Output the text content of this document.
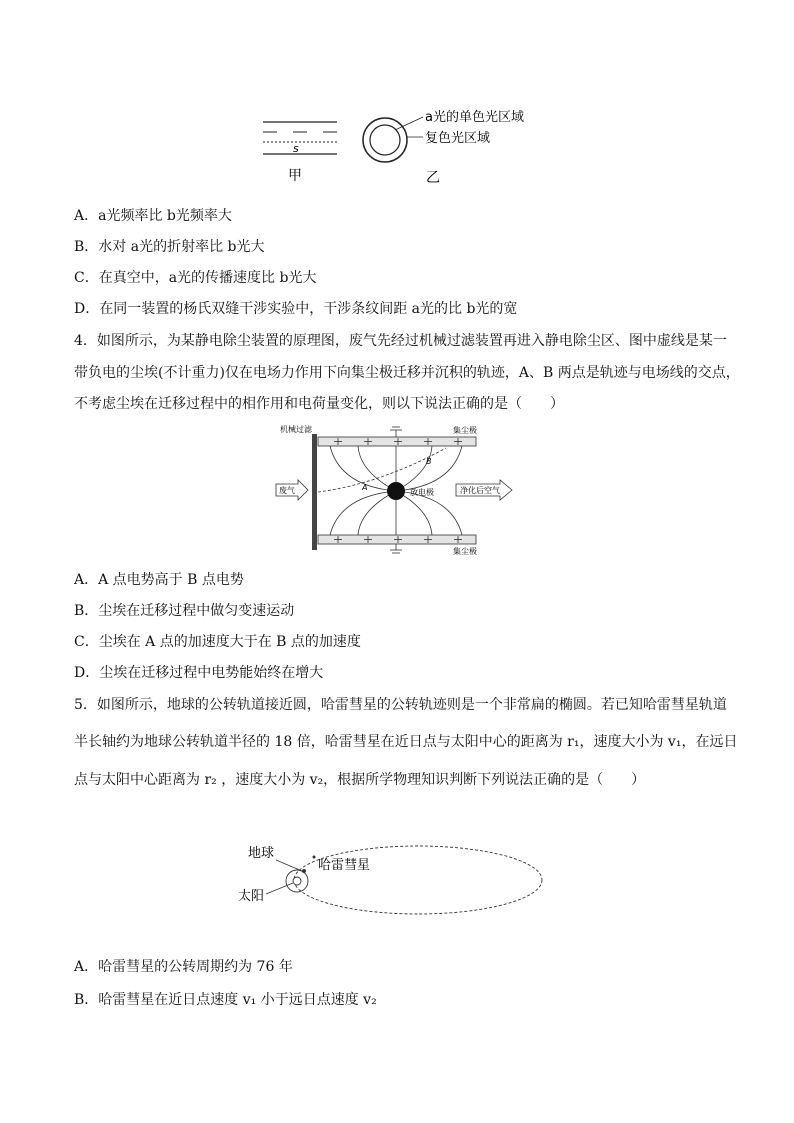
s
甲
a光的单色光区域
复色光区域
乙
A．a光频率比 b光频率大
B．水对 a光的折射率比 b光大
C．在真空中，a光的传播速度比 b光大
D．在同一装置的杨氏双缝干涉实验中，干涉条纹间距 a光的比 b光的宽
4．如图所示，为某静电除尘装置的原理图，废气先经过机械过滤装置再进入静电除尘区、图中虚线是某一
带负电的尘埃(不计重力)仅在电场力作用下向集尘极迁移并沉积的轨迹，A、B 两点是轨迹与电场线的交点，
不考虑尘埃在迁移过程中的相作用和电荷量变化，则以下说法正确的是（　　）
机械过滤	集尘极
集尘极
放电极
A
B
废气	净化后空气
A．A 点电势高于 B 点电势
B．尘埃在迁移过程中做匀变速运动
C．尘埃在 A 点的加速度大于在 B 点的加速度
D．尘埃在迁移过程中电势能始终在增大
5．如图所示，地球的公转轨道接近圆，哈雷彗星的公转轨迹则是一个非常扁的椭圆。若已知哈雷彗星轨道
半长轴约为地球公转轨道半径的 18 倍，哈雷彗星在近日点与太阳中心的距离为 r₁，速度大小为 v₁，在远日
点与太阳中心距离为 r₂ ，速度大小为 v₂，根据所学物理知识判断下列说法正确的是（　　）
地球
哈雷彗星
太阳
A．哈雷彗星的公转周期约为 76 年
B．哈雷彗星在近日点速度 v₁ 小于远日点速度 v₂
